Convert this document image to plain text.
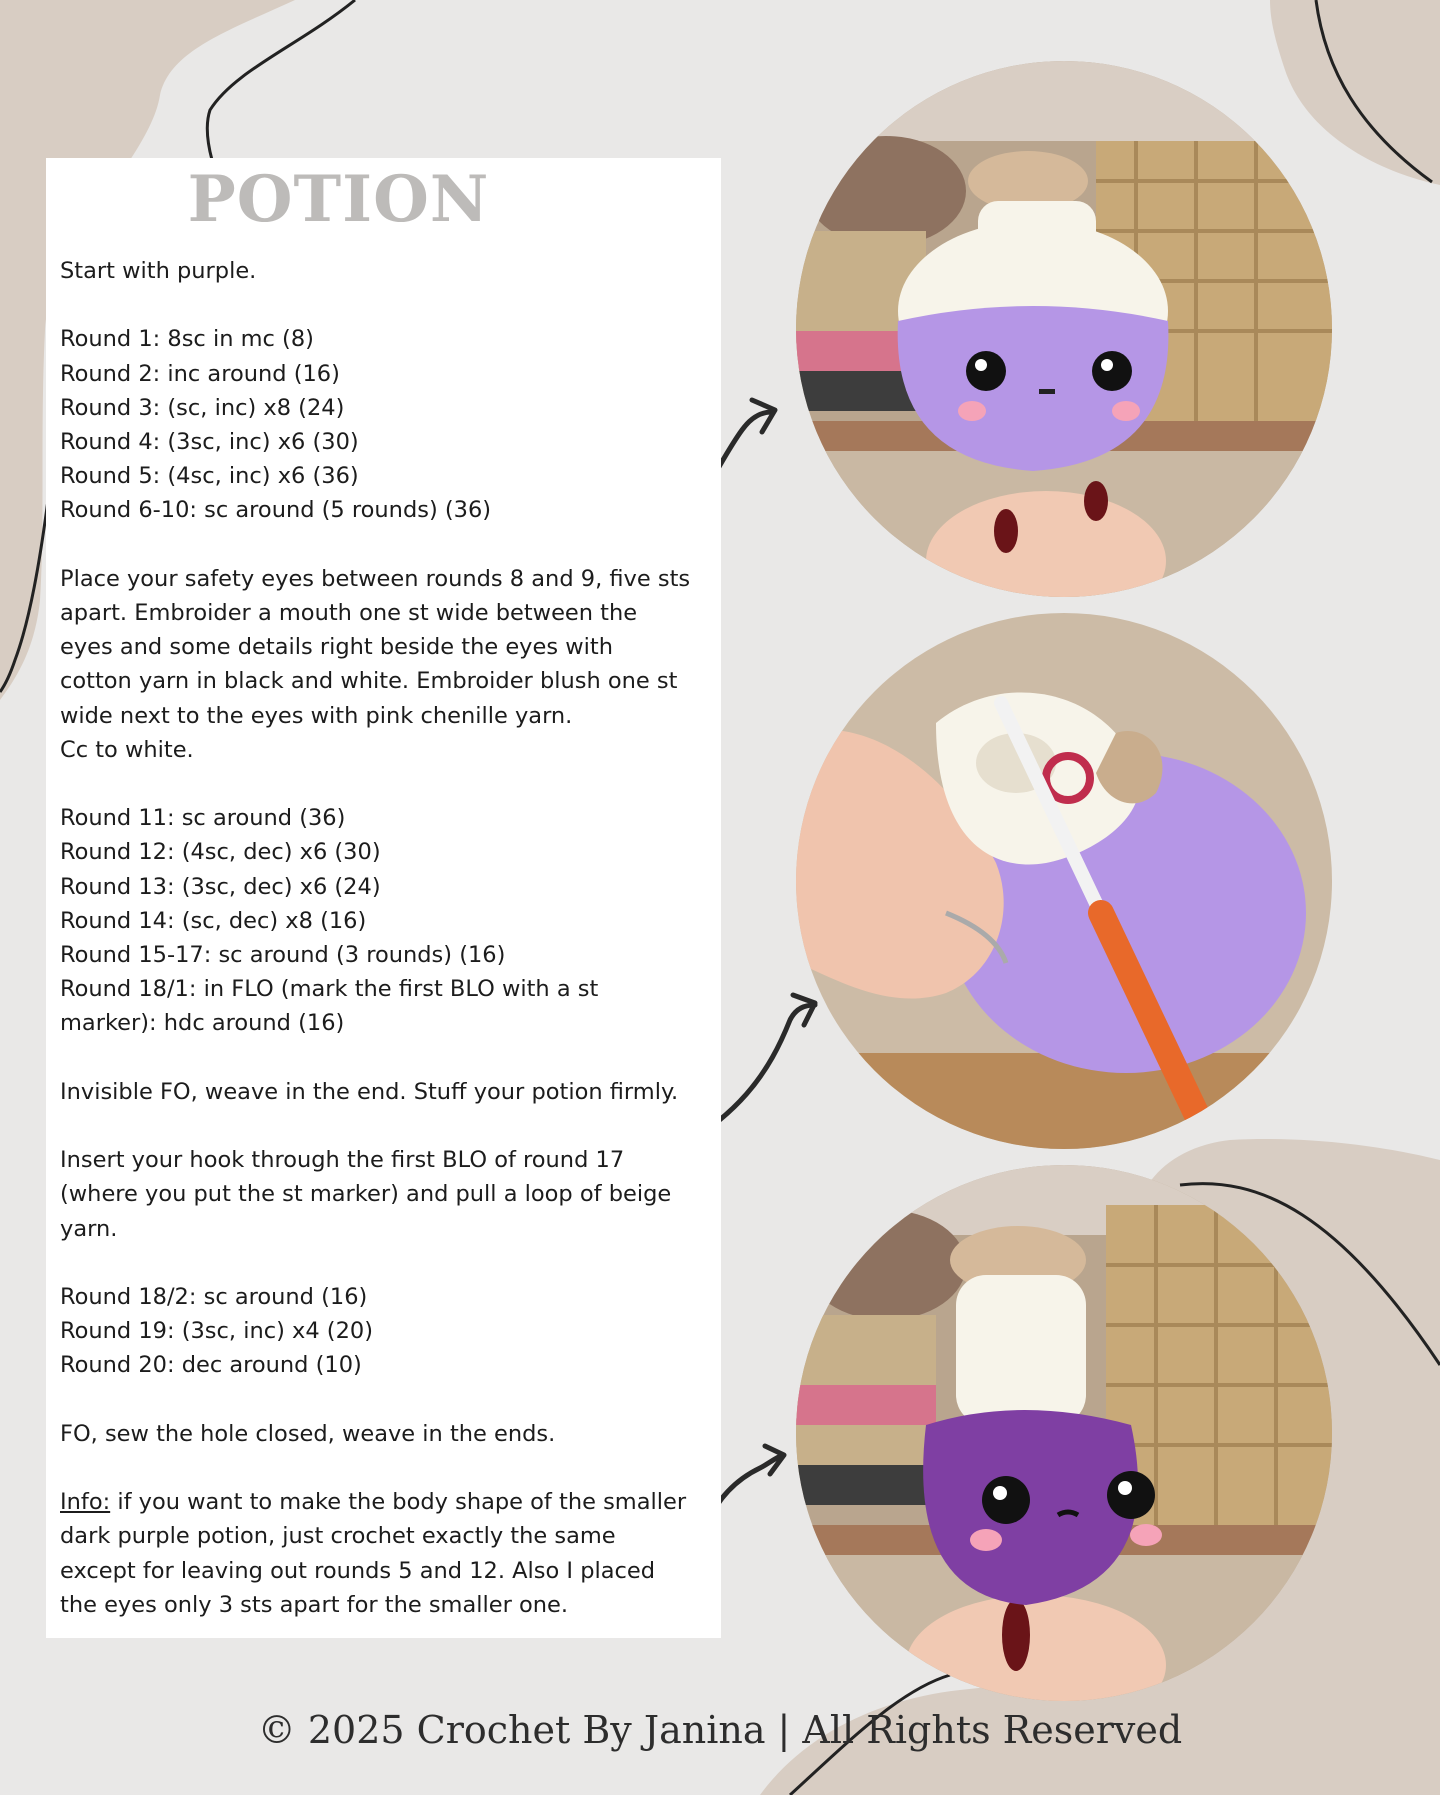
POTION
Start with purple.
Round 1: 8sc in mc (8)
Round 2: inc around (16)
Round 3: (sc, inc) x8 (24)
Round 4: (3sc, inc) x6 (30)
Round 5: (4sc, inc) x6 (36)
Round 6-10: sc around (5 rounds) (36)
Place your safety eyes between rounds 8 and 9, five sts
apart. Embroider a mouth one st wide between the
eyes and some details right beside the eyes with
cotton yarn in black and white. Embroider blush one st
wide next to the eyes with pink chenille yarn.
Cc to white.
Round 11: sc around (36)
Round 12: (4sc, dec) x6 (30)
Round 13: (3sc, dec) x6 (24)
Round 14: (sc, dec) x8 (16)
Round 15-17: sc around (3 rounds) (16)
Round 18/1: in FLO (mark the first BLO with a st
marker): hdc around (16)
Invisible FO, weave in the end. Stuff your potion firmly.
Insert your hook through the first BLO of round 17
(where you put the st marker) and pull a loop of beige
yarn.
Round 18/2: sc around (16)
Round 19: (3sc, inc) x4 (20)
Round 20: dec around (10)
FO, sew the hole closed, weave in the ends.
Info: if you want to make the body shape of the smaller
dark purple potion, just crochet exactly the same
except for leaving out rounds 5 and 12. Also I placed
the eyes only 3 sts apart for the smaller one.
© 2025 Crochet By Janina | All Rights Reserved
